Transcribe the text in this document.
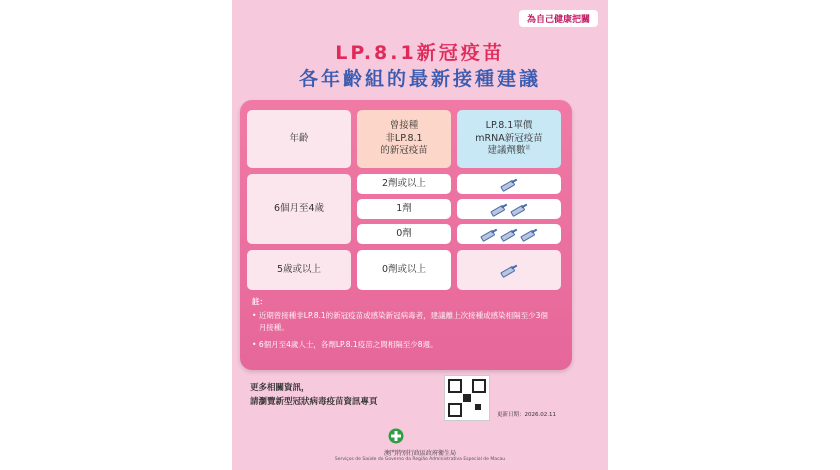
為自己健康把關
LP.8.1新冠疫苗
各年齡組的最新接種建議
年齡
曾接種
非LP.8.1
的新冠疫苗
LP.8.1單價
mRNA新冠疫苗
建議劑數$^註$
6個月至4歲
2劑或以上
1劑
0劑
5歲或以上	0劑或以上
註：
• 近期曾接種非LP.8.1的新冠疫苗或感染新冠病毒者，建議離上次接種或感染相隔至少3個月接種。
• 6個月至4歲人士，各劑LP.8.1疫苗之間相隔至少8週。
更多相關資訊，
請瀏覽新型冠狀病毒疫苗資訊專頁
更新日期：2026.02.11
澳門特別行政區政府衛生局
Serviços de Saúde do Governo da Região Administrativa Especial de Macau
